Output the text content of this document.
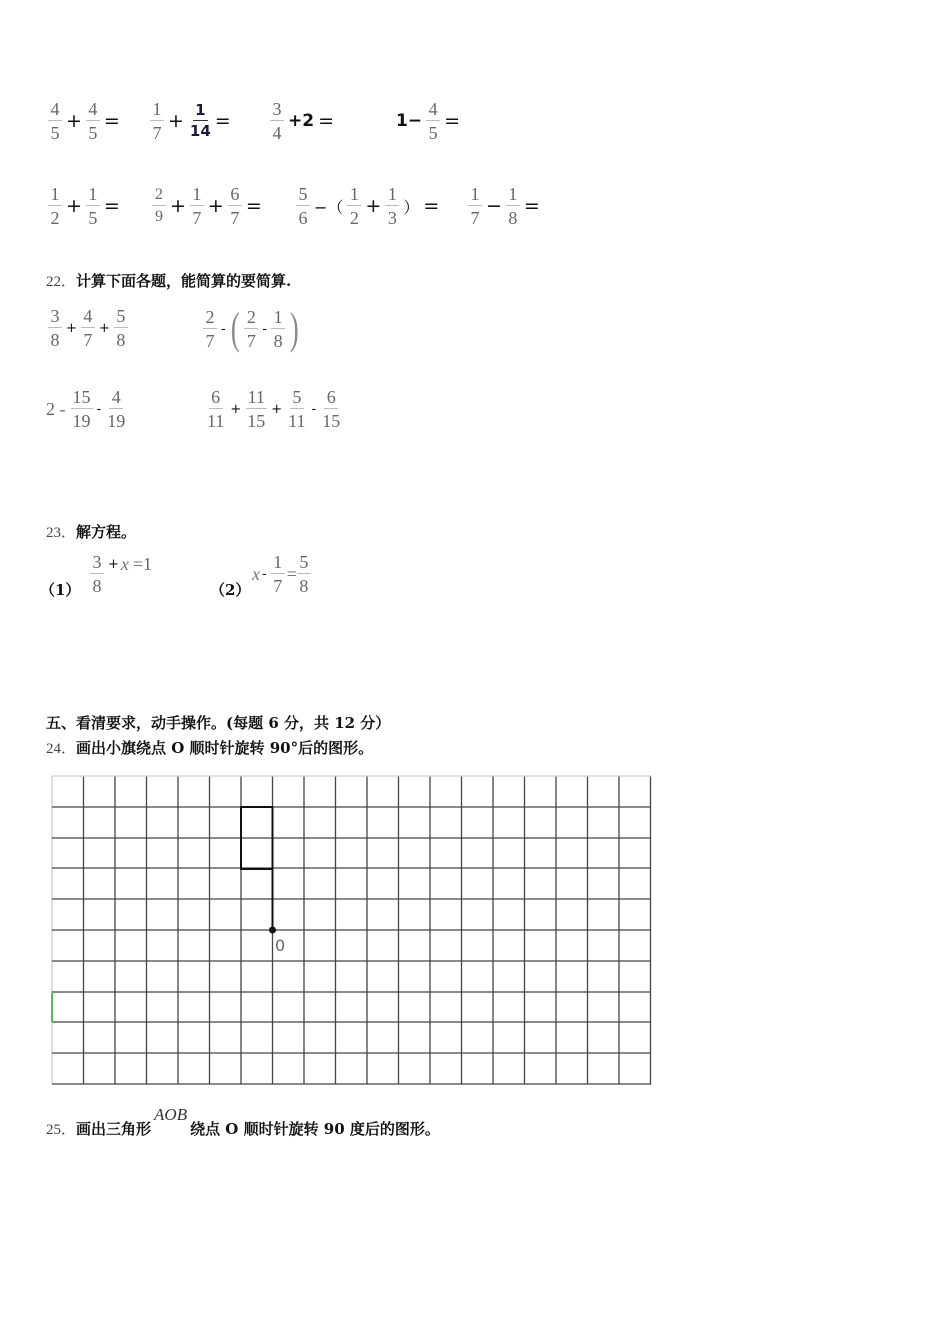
$\frac{4}{5} + \frac{4}{5} = \frac{1}{7} + \frac{1}{14} = \frac{3}{4} +2$ =	$1- \frac{4}{5}$ =
$\frac{1}{2} + \frac{1}{5} = \frac{2}{9} + \frac{1}{7} + \frac{6}{7} = \frac{5}{6}$ −（ $\frac{1}{2} + \frac{1}{3}$ ） = $\frac{1}{7} - \frac{1}{8}$ =
22．计算下面各题，能简算的要简算.
$\frac{3}{8} + \frac{4}{7} + \frac{5}{8}$	$\frac{2}{7}$ - ( $\frac{2}{7} - \frac{1}{8}$ )
$2 - \frac{15}{19} - \frac{4}{19}$	$\frac{6}{11} + \frac{11}{15} + \frac{5}{11} - \frac{6}{15}$
23．解方程。
$(1) \frac{3}{8} + x =1$
（2）
$x - \frac{1}{7} = \frac{5}{8}$
五、看清要求，动手操作。(每题 6 分，共 12 分）
24．画出小旗绕点 O 顺时针旋转 90°后的图形。
0
25．画出三角形AOB绕点 O 顺时针旋转 90 度后的图形。
